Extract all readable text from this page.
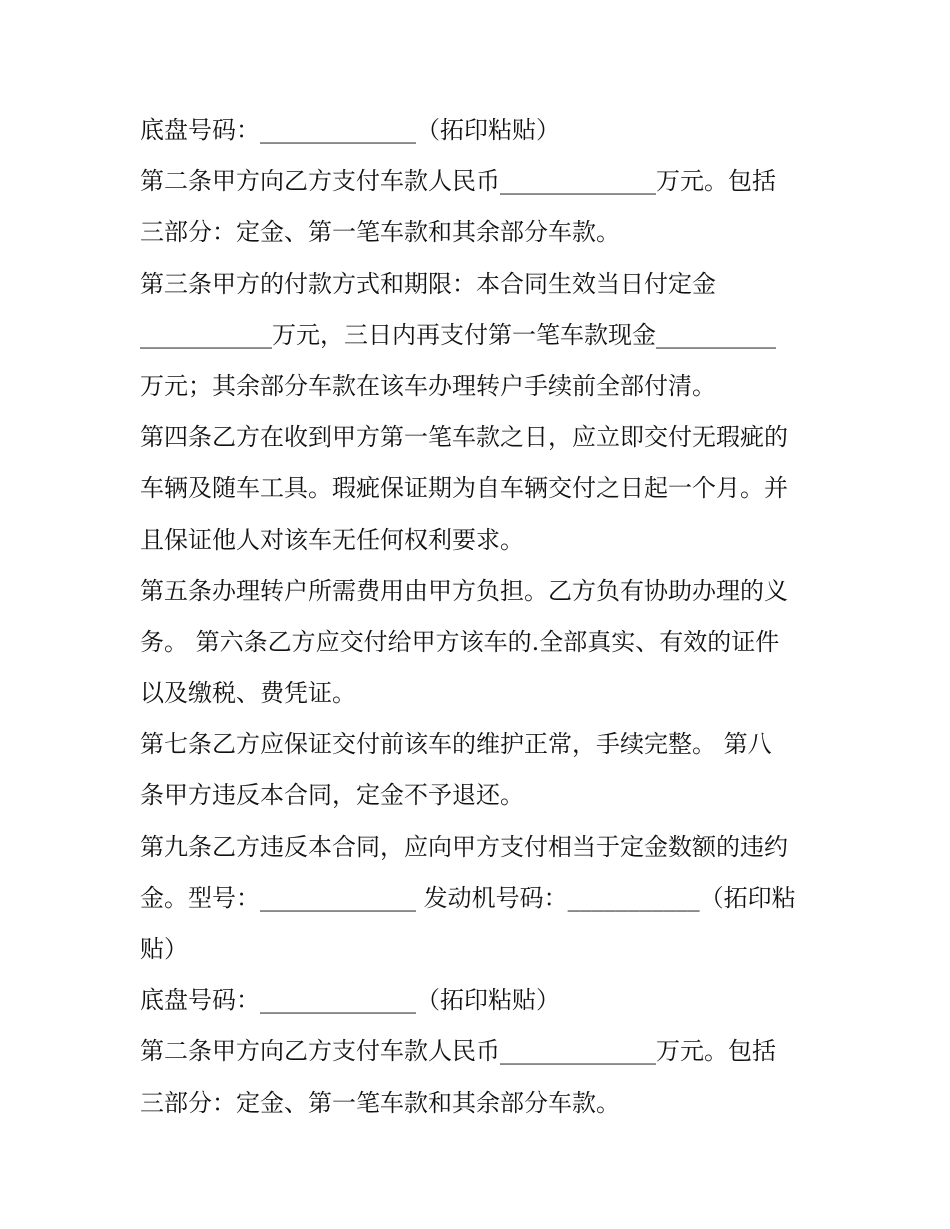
底盘号码：_____________（拓印粘贴）
第二条甲方向乙方支付车款人民币_____________万元。包括
三部分：定金、第一笔车款和其余部分车款。
第三条甲方的付款方式和期限：本合同生效当日付定金
___________万元，三日内再支付第一笔车款现金__________
万元；其余部分车款在该车办理转户手续前全部付清。
第四条乙方在收到甲方第一笔车款之日，应立即交付无瑕疵的
车辆及随车工具。瑕疵保证期为自车辆交付之日起一个月。并
且保证他人对该车无任何权利要求。
第五条办理转户所需费用由甲方负担。乙方负有协助办理的义
务。 第六条乙方应交付给甲方该车的.全部真实、有效的证件
以及缴税、费凭证。
第七条乙方应保证交付前该车的维护正常，手续完整。 第八
条甲方违反本合同，定金不予退还。
第九条乙方违反本合同，应向甲方支付相当于定金数额的违约
金。型号：_____________ 发动机号码：___________（拓印粘
贴）
底盘号码：_____________（拓印粘贴）
第二条甲方向乙方支付车款人民币_____________万元。包括
三部分：定金、第一笔车款和其余部分车款。
